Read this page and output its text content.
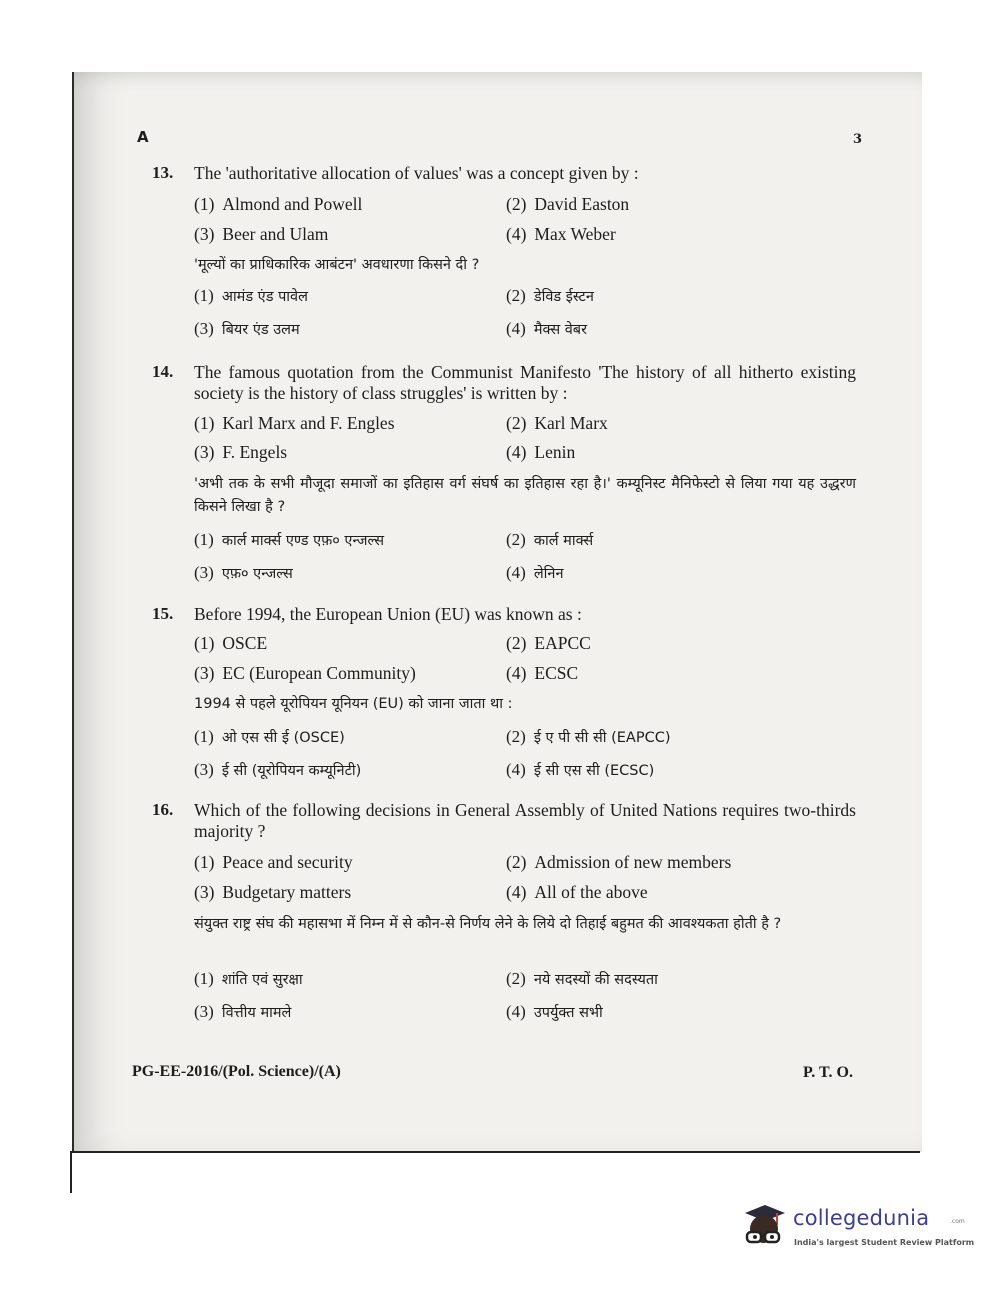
A	3
13. The 'authoritative allocation of values' was a concept given by :
(1) Almond and Powell	(2) David Easton
(3) Beer and Ulam	(4) Max Weber
'मूल्यों का प्राधिकारिक आबंटन' अवधारणा किसने दी ?
(1) आमंड एंड पावेल	(2) डेविड ईस्टन
(3) बियर एंड उलम	(4) मैक्स वेबर
14. The famous quotation from the Communist Manifesto 'The history of all hitherto existing society is the history of class struggles' is written by :
(1) Karl Marx and F. Engles	(2) Karl Marx
(3) F. Engels	(4) Lenin
'अभी तक के सभी मौजूदा समाजों का इतिहास वर्ग संघर्ष का इतिहास रहा है।' कम्यूनिस्ट मैनिफेस्टो से लिया गया यह उद्धरण किसने लिखा है ?
(1) कार्ल मार्क्स एण्ड एफ़० एन्जल्स	(2) कार्ल मार्क्स
(3) एफ़० एन्जल्स	(4) लेनिन
15. Before 1994, the European Union (EU) was known as :
(1) OSCE	(2) EAPCC
(3) EC (European Community)	(4) ECSC
1994 से पहले यूरोपियन यूनियन (EU) को जाना जाता था :
(1) ओ एस सी ई (OSCE)	(2) ई ए पी सी सी (EAPCC)
(3) ई सी (यूरोपियन कम्यूनिटी)	(4) ई सी एस सी (ECSC)
16. Which of the following decisions in General Assembly of United Nations requires two-thirds majority ?
(1) Peace and security	(2) Admission of new members
(3) Budgetary matters	(4) All of the above
संयुक्त राष्ट्र संघ की महासभा में निम्न में से कौन-से निर्णय लेने के लिये दो तिहाई बहुमत की आवश्यकता होती है ?
(1) शांति एवं सुरक्षा	(2) नये सदस्यों की सदस्यता
(3) वित्तीय मामले	(4) उपर्युक्त सभी
PG-EE-2016/(Pol. Science)/(A)	P. T. O.
collegedunia	.com
India's largest Student Review Platform
